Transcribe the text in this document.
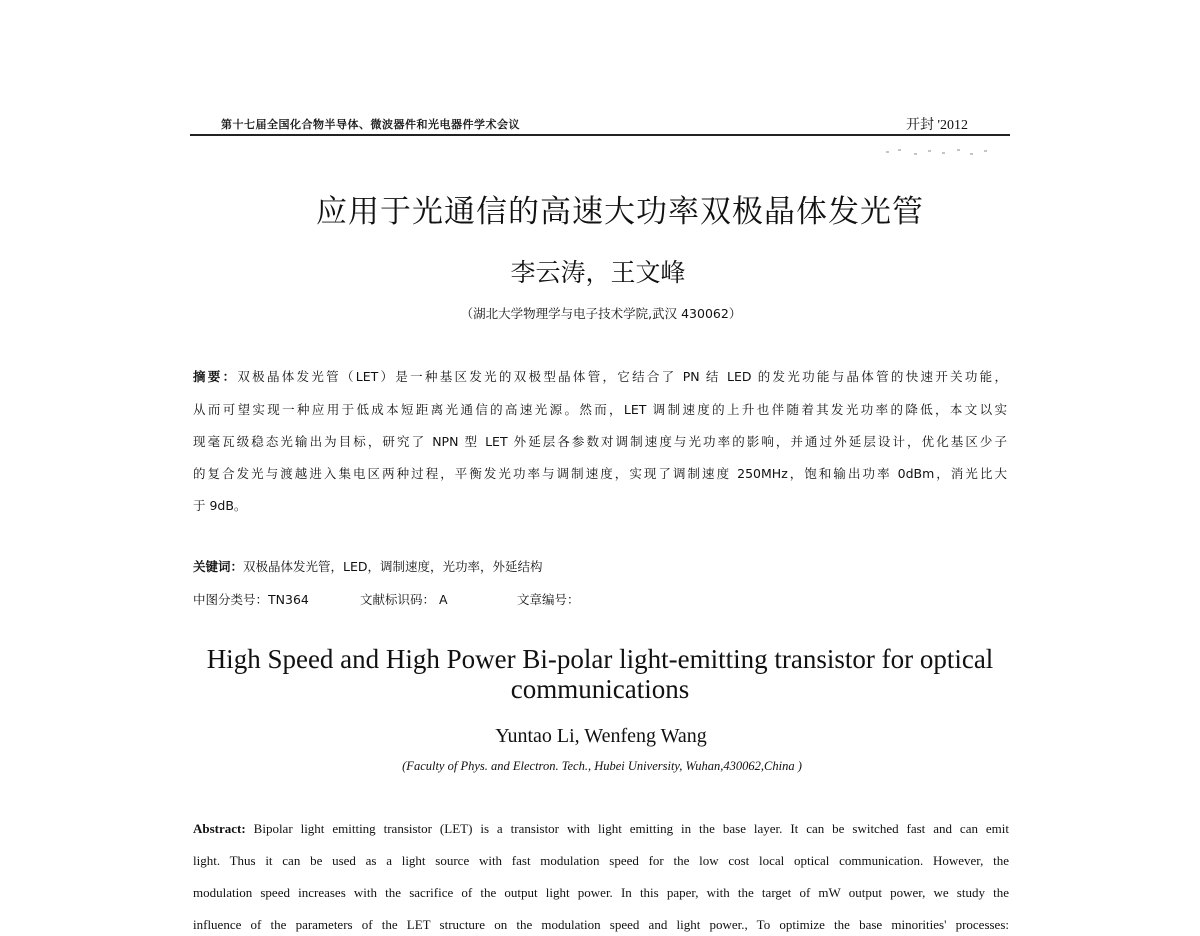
第十七届全国化合物半导体、微波器件和光电器件学术会议	开封 '2012
应用于光通信的高速大功率双极晶体发光管
李云涛，王文峰
（湖北大学物理学与电子技术学院,武汉 430062）
摘要：双极晶体发光管（LET）是一种基区发光的双极型晶体管，它结合了 PN 结 LED 的发光功能与晶体管的快速开关功能，
从而可望实现一种应用于低成本短距离光通信的高速光源。然而，LET 调制速度的上升也伴随着其发光功率的降低，本文以实
现毫瓦级稳态光输出为目标，研究了 NPN 型 LET 外延层各参数对调制速度与光功率的影响，并通过外延层设计，优化基区少子
的复合发光与渡越进入集电区两种过程，平衡发光功率与调制速度，实现了调制速度 250MHz，饱和输出功率 0dBm，消光比大
于 9dB。
关键词：双极晶体发光管，LED，调制速度，光功率，外延结构
中图分类号：TN364	文献标识码： A	文章编号：
High Speed and High Power Bi-polar light-emitting transistor for optical communications
Yuntao Li, Wenfeng Wang
(Faculty of Phys. and Electron. Tech., Hubei University, Wuhan,430062,China )
Abstract: Bipolar light emitting transistor (LET) is a transistor with light emitting in the base layer. It can be switched fast and can emit
light. Thus it can be used as a light source with fast modulation speed for the low cost local optical communication. However, the
modulation speed increases with the sacrifice of the output light power. In this paper, with the target of mW output power, we study the
influence of the parameters of the LET structure on the modulation speed and light power., To optimize the base minorities' processes:
